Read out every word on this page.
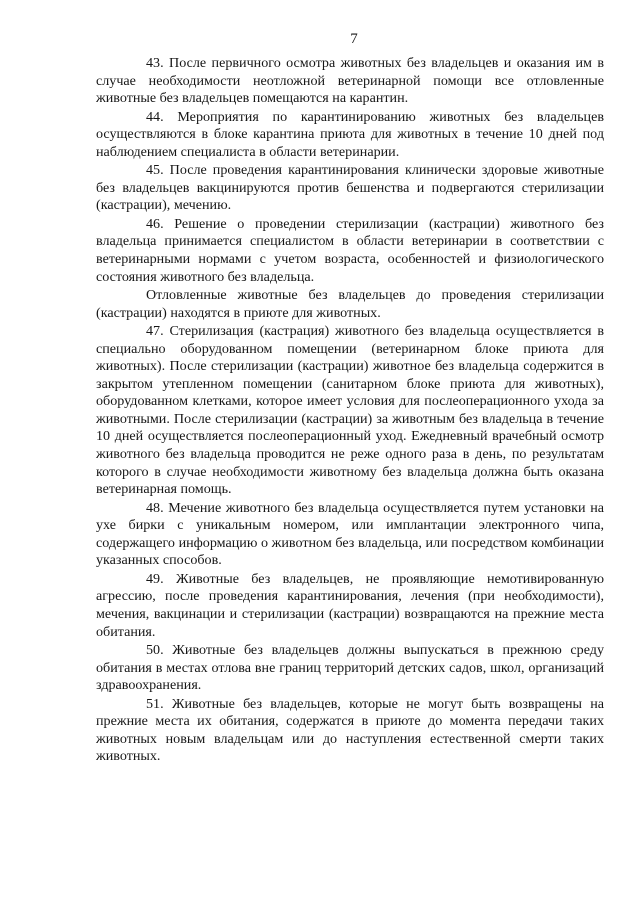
7

43. После первичного осмотра животных без владельцев и оказания им в случае необходимости неотложной ветеринарной помощи все отловленные животные без владельцев помещаются на карантин.

44. Мероприятия по карантинированию животных без владельцев осуществляются в блоке карантина приюта для животных в течение 10 дней под наблюдением специалиста в области ветеринарии.

45. После проведения карантинирования клинически здоровые животные без владельцев вакцинируются против бешенства и подвергаются стерилизации (кастрации), мечению.

46. Решение о проведении стерилизации (кастрации) животного без владельца принимается специалистом в области ветеринарии в соответствии с ветеринарными нормами с учетом возраста, особенностей и физиологического состояния животного без владельца.

Отловленные животные без владельцев до проведения стерилизации (кастрации) находятся в приюте для животных.

47. Стерилизация (кастрация) животного без владельца осуществляется в специально оборудованном помещении (ветеринарном блоке приюта для животных). После стерилизации (кастрации) животное без владельца содержится в закрытом утепленном помещении (санитарном блоке приюта для животных), оборудованном клетками, которое имеет условия для послеоперационного ухода за животными. После стерилизации (кастрации) за животным без владельца в течение 10 дней осуществляется послеоперационный уход. Ежедневный врачебный осмотр животного без владельца проводится не реже одного раза в день, по результатам которого в случае необходимости животному без владельца должна быть оказана ветеринарная помощь.

48. Мечение животного без владельца осуществляется путем установки на ухе бирки с уникальным номером, или имплантации электронного чипа, содержащего информацию о животном без владельца, или посредством комбинации указанных способов.

49. Животные без владельцев, не проявляющие немотивированную агрессию, после проведения карантинирования, лечения (при необходимости), мечения, вакцинации и стерилизации (кастрации) возвращаются на прежние места обитания.

50. Животные без владельцев должны выпускаться в прежнюю среду обитания в местах отлова вне границ территорий детских садов, школ, организаций здравоохранения.

51. Животные без владельцев, которые не могут быть возвращены на прежние места их обитания, содержатся в приюте до момента передачи таких животных новым владельцам или до наступления естественной смерти таких животных.
